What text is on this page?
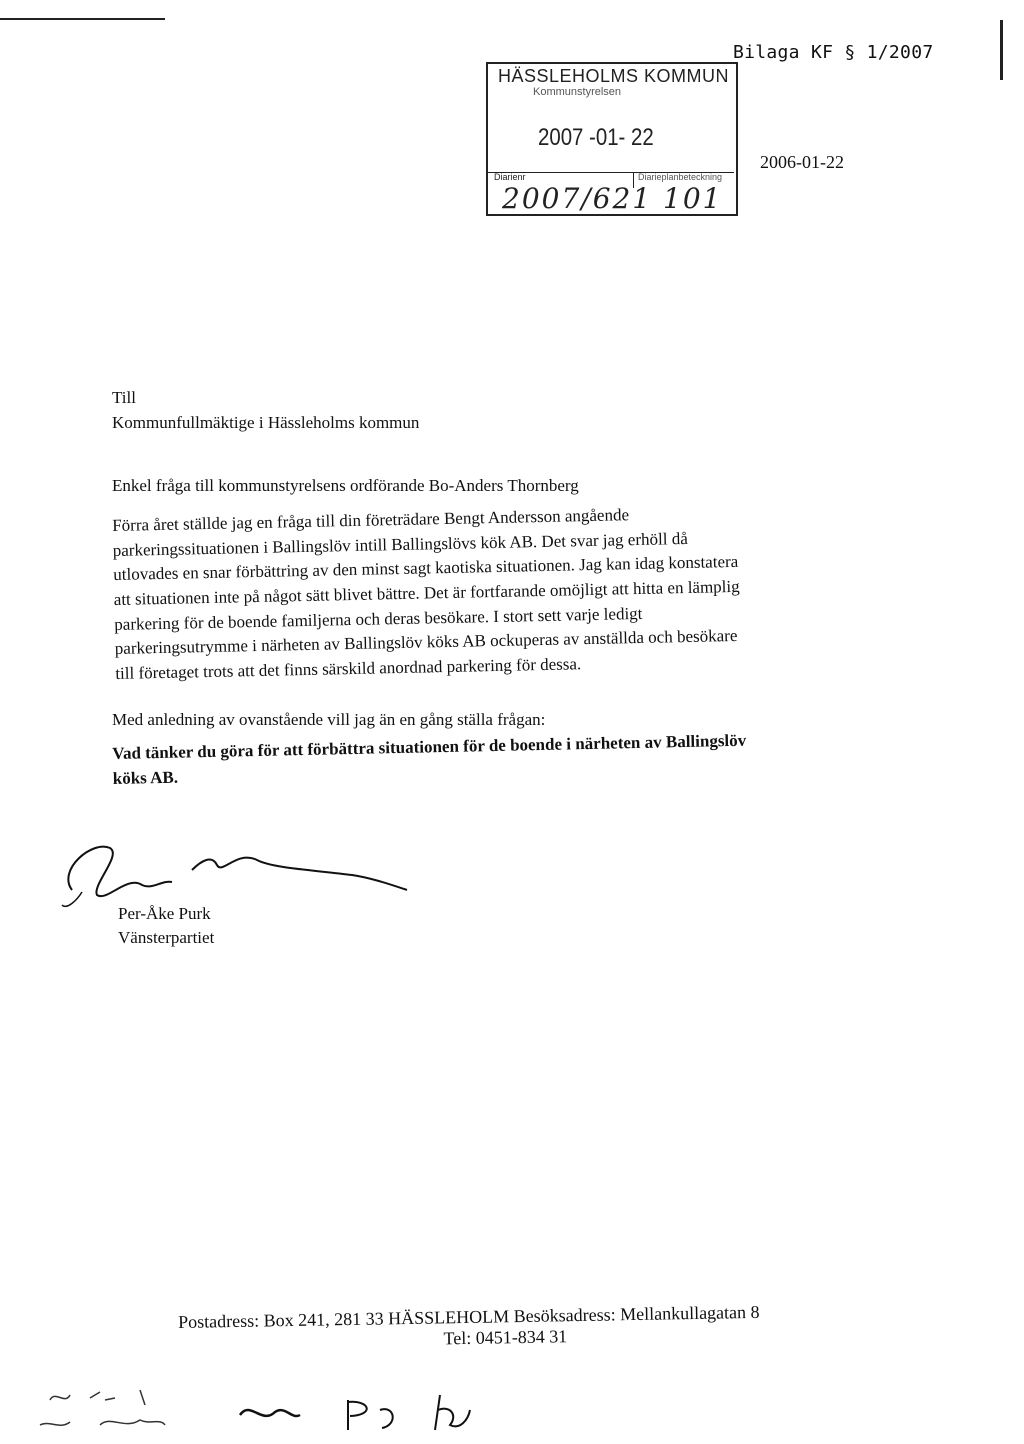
Bilaga KF § 1/2007
HÄSSLEHOLMS KOMMUN
Kommunstyrelsen
2007 -01- 22
Diarienr	Diarieplanbeteckning
2007/621 101
2006-01-22
Till
Kommunfullmäktige i Hässleholms kommun
Enkel fråga till kommunstyrelsens ordförande Bo-Anders Thornberg

Förra året ställde jag en fråga till din företrädare Bengt Andersson angående

parkeringssituationen i Ballingslöv intill Ballingslövs kök AB. Det svar jag erhöll då

utlovades en snar förbättring av den minst sagt kaotiska situationen. Jag kan idag konstatera

att situationen inte på något sätt blivet bättre. Det är fortfarande omöjligt att hitta en lämplig

parkering för de boende familjerna och deras besökare. I stort sett varje ledigt

parkeringsutrymme i närheten av Ballingslöv köks AB ockuperas av anställda och besökare

till företaget trots att det finns särskild anordnad parkering för dessa.

Med anledning av ovanstående vill jag än en gång ställa frågan:
Vad tänker du göra för att förbättra situationen för de boende i närheten av Ballingslöv
köks AB.
Per-Åke Purk
Vänsterpartiet
Postadress: Box 241, 281 33 HÄSSLEHOLM Besöksadress: Mellankullagatan 8
Tel: 0451-834 31
